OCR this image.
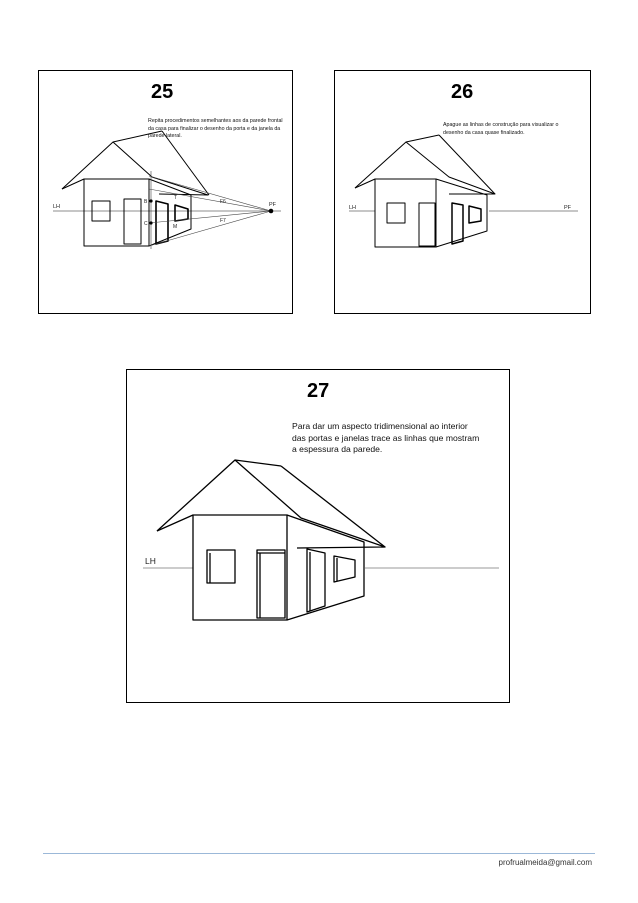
25
Repita procedimentos semelhantes aos da parede frontal da casa para finalizar o desenho da porta e da janela da parede lateral.
LH	PF
F6
F7
B
C
T
M
26
Apague as linhas de construção para visualizar o desenho da casa quase finalizado.
LH	PF
27
Para dar um aspecto tridimensional ao interior das portas e janelas trace as linhas que mostram a espessura da parede.
LH
profrualmeida@gmail.com
